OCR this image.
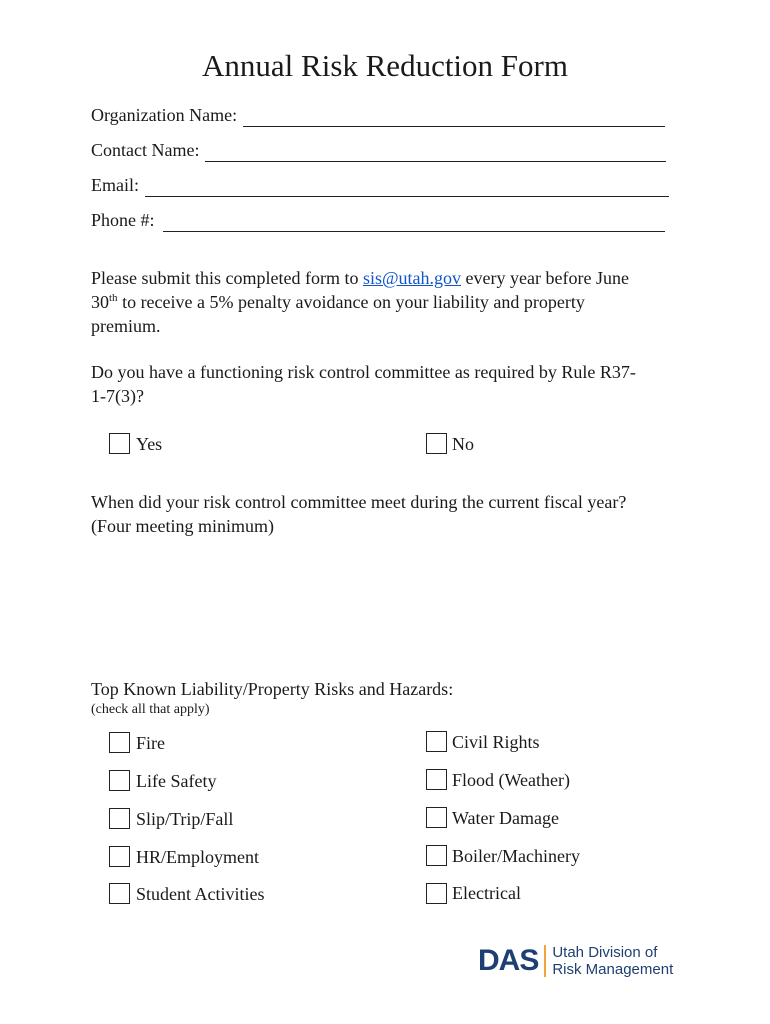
Annual Risk Reduction Form
Organization Name:
Contact Name:
Email:
Phone #:
Please submit this completed form to sis@utah.gov every year before June
30th to receive a 5% penalty avoidance on your liability and property
premium.
Do you have a functioning risk control committee as required by Rule R37-
1-7(3)?
Yes	No
When did your risk control committee meet during the current fiscal year?
(Four meeting minimum)
Top Known Liability/Property Risks and Hazards:
(check all that apply)
Fire
Life Safety
Slip/Trip/Fall
HR/Employment
Student Activities
Civil Rights
Flood (Weather)
Water Damage
Boiler/Machinery
Electrical
DAS Utah Division of
Risk Management
